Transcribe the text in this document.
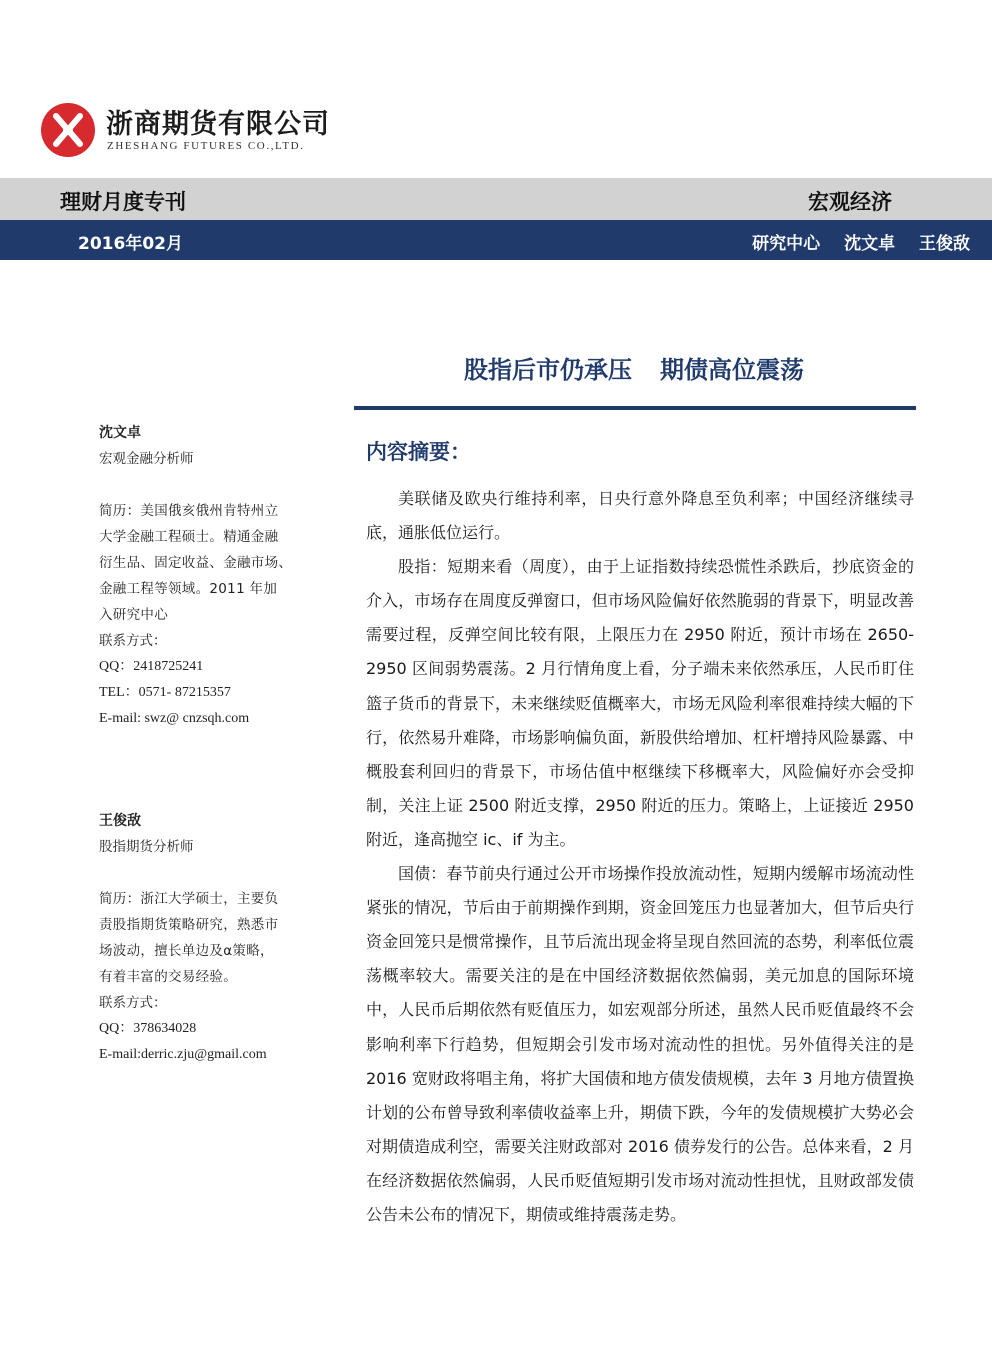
浙商期货有限公司
ZHESHANG FUTURES CO.,LTD.
理财月度专刊	宏观经济
2016年02月	研究中心 沈文卓 王俊敌
股指后市仍承压 期债高位震荡
沈文卓
宏观金融分析师
简历：美国俄亥俄州肯特州立
大学金融工程硕士。精通金融
衍生品、固定收益、金融市场、
金融工程等领域。2011 年加
入研究中心
联系方式：
QQ：2418725241
TEL：0571- 87215357
E-mail: swz@ cnzsqh.com
王俊敌
股指期货分析师
简历：浙江大学硕士，主要负
责股指期货策略研究，熟悉市
场波动，擅长单边及α策略，
有着丰富的交易经验。
联系方式：
QQ：378634028
E-mail:derric.zju@gmail.com
内容摘要：

美联储及欧央行维持利率，日央行意外降息至负利率；中国经济继续寻底，通胀低位运行。

股指：短期来看（周度），由于上证指数持续恐慌性杀跌后，抄底资金的介入，市场存在周度反弹窗口，但市场风险偏好依然脆弱的背景下，明显改善需要过程，反弹空间比较有限，上限压力在 2950 附近，预计市场在 2650-2950 区间弱势震荡。2 月行情角度上看，分子端未来依然承压，人民币盯住篮子货币的背景下，未来继续贬值概率大，市场无风险利率很难持续大幅的下行，依然易升难降，市场影响偏负面，新股供给增加、杠杆增持风险暴露、中概股套利回归的背景下，市场估值中枢继续下移概率大，风险偏好亦会受抑制，关注上证 2500 附近支撑，2950 附近的压力。策略上，上证接近 2950 附近，逢高抛空 ic、if 为主。

国债：春节前央行通过公开市场操作投放流动性，短期内缓解市场流动性紧张的情况，节后由于前期操作到期，资金回笼压力也显著加大，但节后央行资金回笼只是惯常操作，且节后流出现金将呈现自然回流的态势，利率低位震荡概率较大。需要关注的是在中国经济数据依然偏弱，美元加息的国际环境中，人民币后期依然有贬值压力，如宏观部分所述，虽然人民币贬值最终不会影响利率下行趋势，但短期会引发市场对流动性的担忧。另外值得关注的是 2016 宽财政将唱主角，将扩大国债和地方债发债规模，去年 3 月地方债置换计划的公布曾导致利率债收益率上升，期债下跌，今年的发债规模扩大势必会对期债造成利空，需要关注财政部对 2016 债券发行的公告。总体来看，2 月在经济数据依然偏弱，人民币贬值短期引发市场对流动性担忧，且财政部发债公告未公布的情况下，期债或维持震荡走势。
